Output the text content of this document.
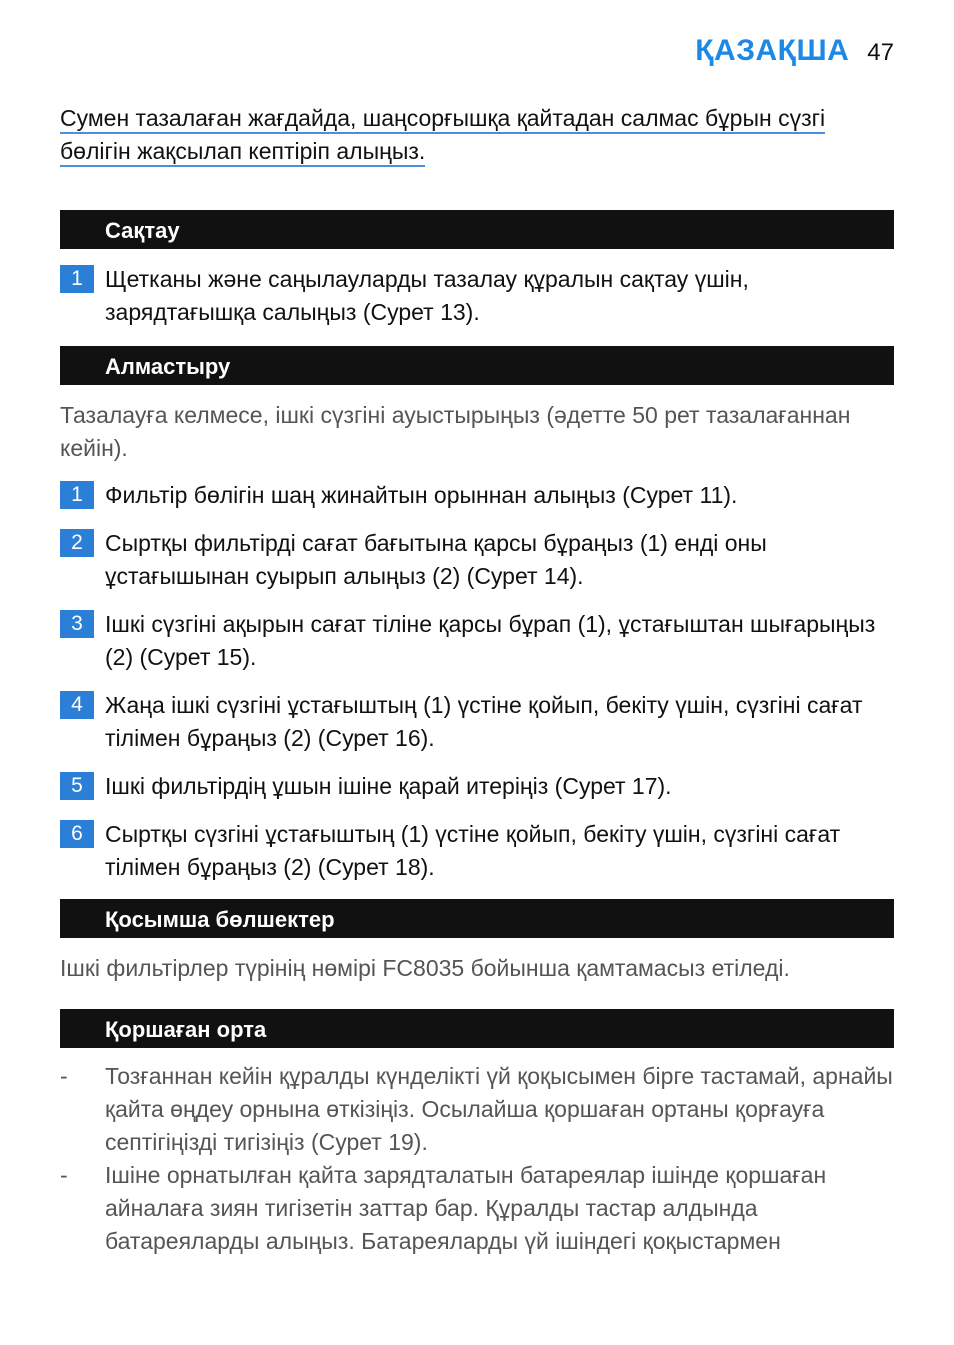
ҚАЗАҚША 47
Сумен тазалаған жағдайда, шаңсорғышқа қайтадан салмас бұрын сүзгі бөлігін жақсылап кептіріп алыңыз.
Сақтау
1 Щетканы және саңылауларды тазалау құралын сақтау үшін, зарядтағышқа салыңыз (Сурет 13).
Алмастыру
Тазалауға келмесе, ішкі сүзгіні ауыстырыңыз (әдетте 50 рет тазалағаннан кейін).
1 Фильтір бөлігін шаң жинайтын орыннан алыңыз (Сурет 11).
2 Сыртқы фильтірді сағат бағытына қарсы бұраңыз (1) енді оны ұстағышынан суырып алыңыз (2) (Сурет 14).
3 Ішкі сүзгіні ақырын сағат тіліне қарсы бұрап (1), ұстағыштан шығарыңыз (2) (Сурет 15).
4 Жаңа ішкі сүзгіні ұстағыштың (1) үстіне қойып, бекіту үшін, сүзгіні сағат тілімен бұраңыз (2) (Сурет 16).
5 Ішкі фильтірдің ұшын ішіне қарай итеріңіз (Сурет 17).
6 Сыртқы сүзгіні ұстағыштың (1) үстіне қойып, бекіту үшін, сүзгіні сағат тілімен бұраңыз (2) (Сурет 18).
Қосымша бөлшектер
Ішкі фильтірлер түрінің нөмірі FC8035 бойынша қамтамасыз етіледі.
Қоршаған орта
-	Тозғаннан кейін құралды күнделікті үй қоқысымен бірге тастамай, арнайы қайта өңдеу орнына өткізіңіз. Осылайша қоршаған ортаны қорғауға септігіңізді тигізіңіз (Сурет 19).
-	Ішіне орнатылған қайта зарядталатын батареялар ішінде қоршаған айналаға зиян тигізетін заттар бар. Құралды тастар алдында батареяларды алыңыз. Батареяларды үй ішіндегі қоқыстармен
